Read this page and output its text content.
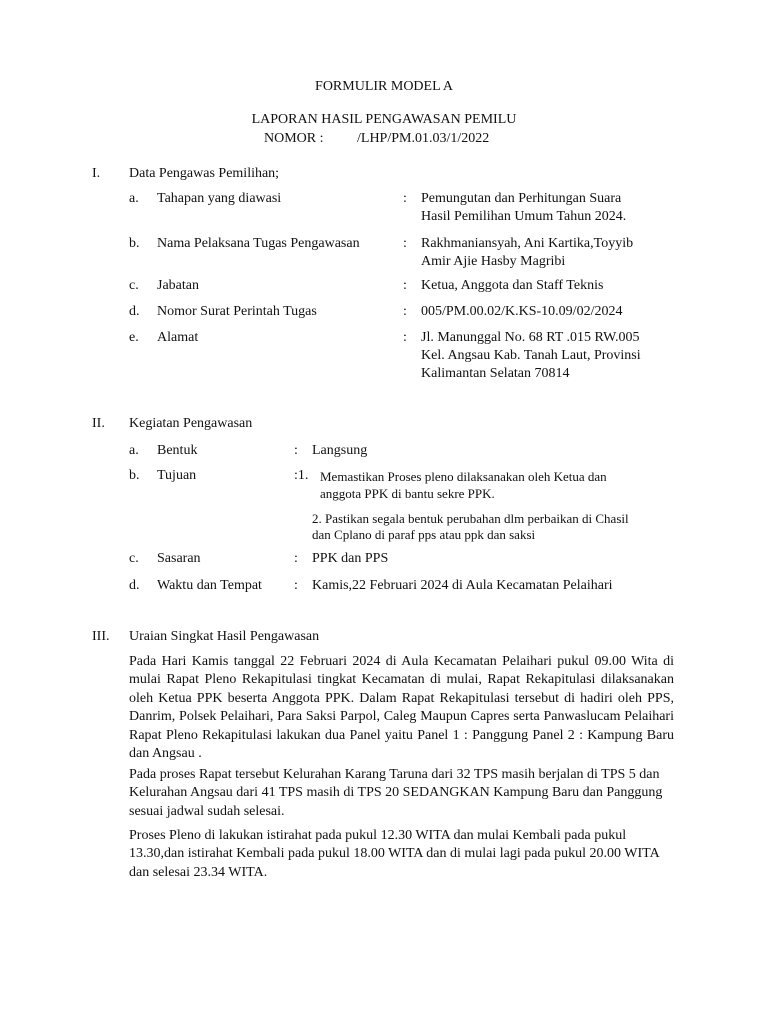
FORMULIR MODEL A
LAPORAN HASIL PENGAWASAN PEMILU
NOMOR : /LHP/PM.01.03/1/2022
I. Data Pengawas Pemilihan;
a. Tahapan yang diawasi	: Pemungutan dan Perhitungan Suara
Hasil Pemilihan Umum Tahun 2024.
b. Nama Pelaksana Tugas Pengawasan	: Rakhmaniansyah, Ani Kartika,Toyyib
Amir Ajie Hasby Magribi
c. Jabatan	: Ketua, Anggota dan Staff Teknis
d. Nomor Surat Perintah Tugas	: 005/PM.00.02/K.KS-10.09/02/2024
e. Alamat	: Jl. Manunggal No. 68 RT .015 RW.005
Kel. Angsau Kab. Tanah Laut, Provinsi
Kalimantan Selatan 70814
II. Kegiatan Pengawasan
a. Bentuk	: Langsung
b. Tujuan	:1. Memastikan Proses pleno dilaksanakan oleh Ketua dan
anggota PPK di bantu sekre PPK.
2. Pastikan segala bentuk perubahan dlm perbaikan di Chasil
dan Cplano di paraf pps atau ppk dan saksi
c. Sasaran	: PPK dan PPS
d. Waktu dan Tempat : Kamis,22 Februari 2024 di Aula Kecamatan Pelaihari
III. Uraian Singkat Hasil Pengawasan
Pada Hari Kamis tanggal 22 Februari 2024 di Aula Kecamatan Pelaihari pukul 09.00 Wita di mulai Rapat Pleno Rekapitulasi tingkat Kecamatan di mulai, Rapat Rekapitulasi dilaksanakan oleh Ketua PPK beserta Anggota PPK. Dalam Rapat Rekapitulasi tersebut di hadiri oleh PPS, Danrim, Polsek Pelaihari, Para Saksi Parpol, Caleg Maupun Capres serta Panwaslucam Pelaihari Rapat Pleno Rekapitulasi lakukan dua Panel yaitu Panel 1 : Panggung Panel 2 : Kampung Baru dan Angsau .
Pada proses Rapat tersebut Kelurahan Karang Taruna dari 32 TPS masih berjalan di TPS 5 dan Kelurahan Angsau dari 41 TPS masih di TPS 20 SEDANGKAN Kampung Baru dan Panggung sesuai jadwal sudah selesai.
Proses Pleno di lakukan istirahat pada pukul 12.30 WITA dan mulai Kembali pada pukul 13.30,dan istirahat Kembali pada pukul 18.00 WITA dan di mulai lagi pada pukul 20.00 WITA dan selesai 23.34 WITA.
